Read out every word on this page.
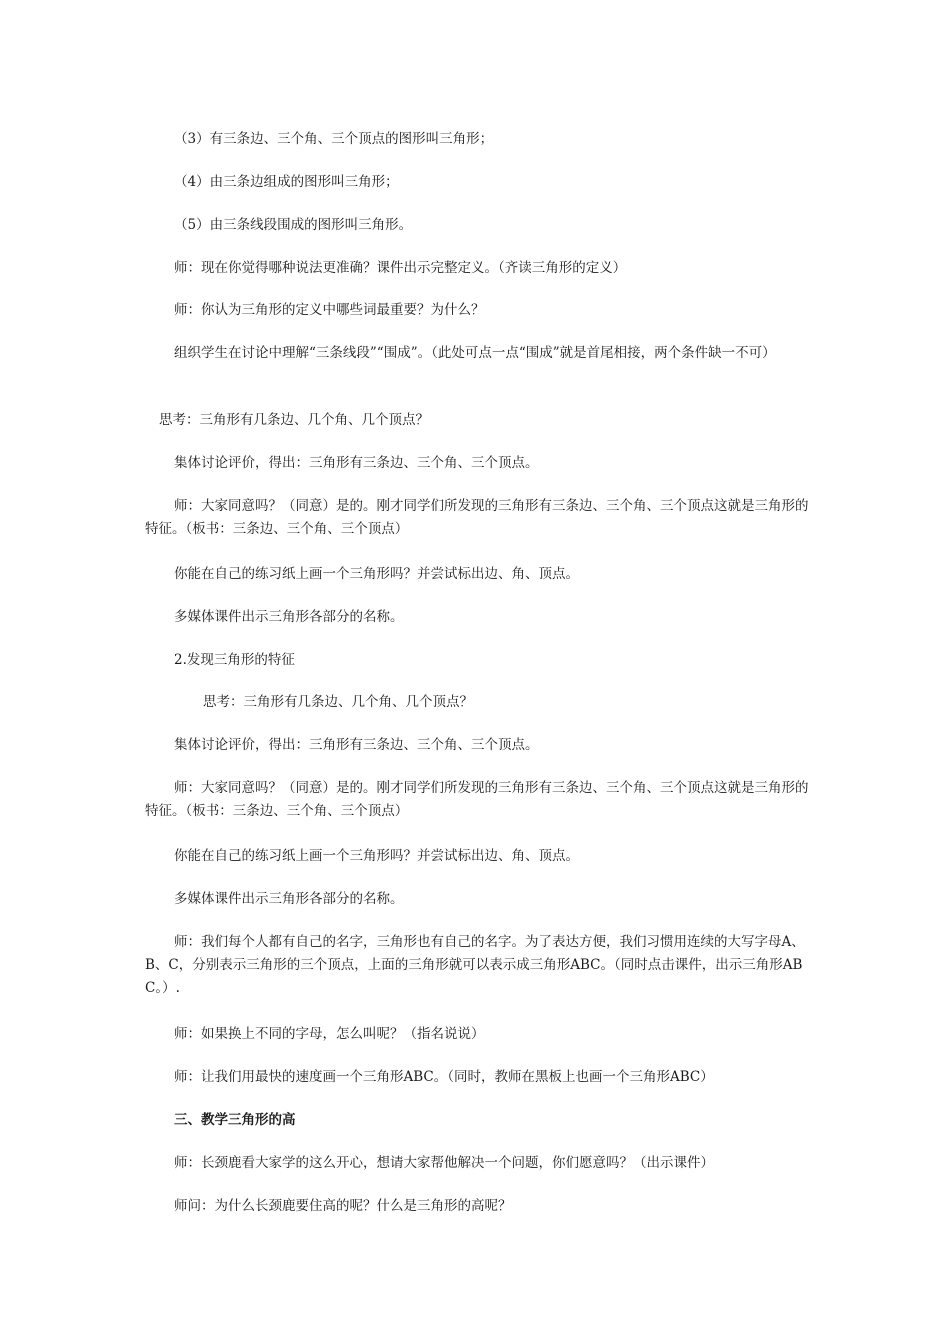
（3）有三条边、三个角、三个顶点的图形叫三角形；
（4）由三条边组成的图形叫三角形；
（5）由三条线段围成的图形叫三角形。
师：现在你觉得哪种说法更准确？课件出示完整定义。（齐读三角形的定义）
师：你认为三角形的定义中哪些词最重要？为什么？
组织学生在讨论中理解“三条线段”“围成”。（此处可点一点“围成”就是首尾相接，两个条件缺一不可）
思考：三角形有几条边、几个角、几个顶点？
集体讨论评价，得出：三角形有三条边、三个角、三个顶点。
师：大家同意吗？（同意）是的。刚才同学们所发现的三角形有三条边、三个角、三个顶点这就是三角形的特征。（板书：三条边、三个角、三个顶点）
你能在自己的练习纸上画一个三角形吗？并尝试标出边、角、顶点。
多媒体课件出示三角形各部分的名称。
2.发现三角形的特征
思考：三角形有几条边、几个角、几个顶点？
集体讨论评价，得出：三角形有三条边、三个角、三个顶点。
师：大家同意吗？（同意）是的。刚才同学们所发现的三角形有三条边、三个角、三个顶点这就是三角形的特征。（板书：三条边、三个角、三个顶点）
你能在自己的练习纸上画一个三角形吗？并尝试标出边、角、顶点。
多媒体课件出示三角形各部分的名称。
师：我们每个人都有自己的名字，三角形也有自己的名字。为了表达方便，我们习惯用连续的大写字母A、B、C，分别表示三角形的三个顶点，上面的三角形就可以表示成三角形ABC。（同时点击课件，出示三角形ABC。）.
师：如果换上不同的字母，怎么叫呢？（指名说说）
师：让我们用最快的速度画一个三角形ABC。（同时，教师在黑板上也画一个三角形ABC）
三、教学三角形的高
师：长颈鹿看大家学的这么开心，想请大家帮他解决一个问题，你们愿意吗？（出示课件）
师问：为什么长颈鹿要住高的呢？什么是三角形的高呢？
